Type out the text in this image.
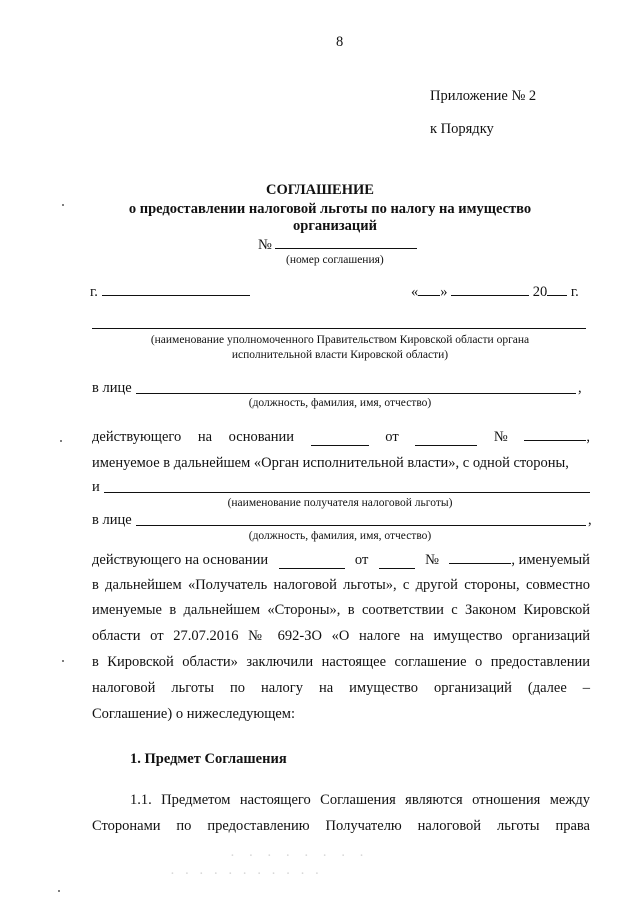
8
Приложение № 2
к Порядку
СОГЛАШЕНИЕ
о предоставлении налоговой льготы по налогу на имущество
организаций
№
(номер соглашения)
г.	« »	20 г.
(наименование уполномоченного Правительством Кировской области органа
исполнительной власти Кировской области)
в лице	,
(должность, фамилия, имя, отчество)
действующего на основании	от	№	,
именуемое в дальнейшем «Орган исполнительной власти», с одной стороны,
и
(наименование получателя налоговой льготы)
в лице	,
(должность, фамилия, имя, отчество)
действующего на основании	от	№	, именуемый
в дальнейшем «Получатель налоговой льготы», с другой стороны, совместно
именуемые в дальнейшем «Стороны», в соответствии с Законом Кировской
области от 27.07.2016 № 692-ЗО «О налоге на имущество организаций
в Кировской области» заключили настоящее соглашение о предоставлении
налоговой льготы по налогу на имущество организаций (далее –
Соглашение) о нижеследующем:
1. Предмет Соглашения
1.1. Предметом настоящего Соглашения являются отношения между
Сторонами по предоставлению Получателю налоговой льготы права
· · · · · · · ·
· · · · · · · · · · ·
